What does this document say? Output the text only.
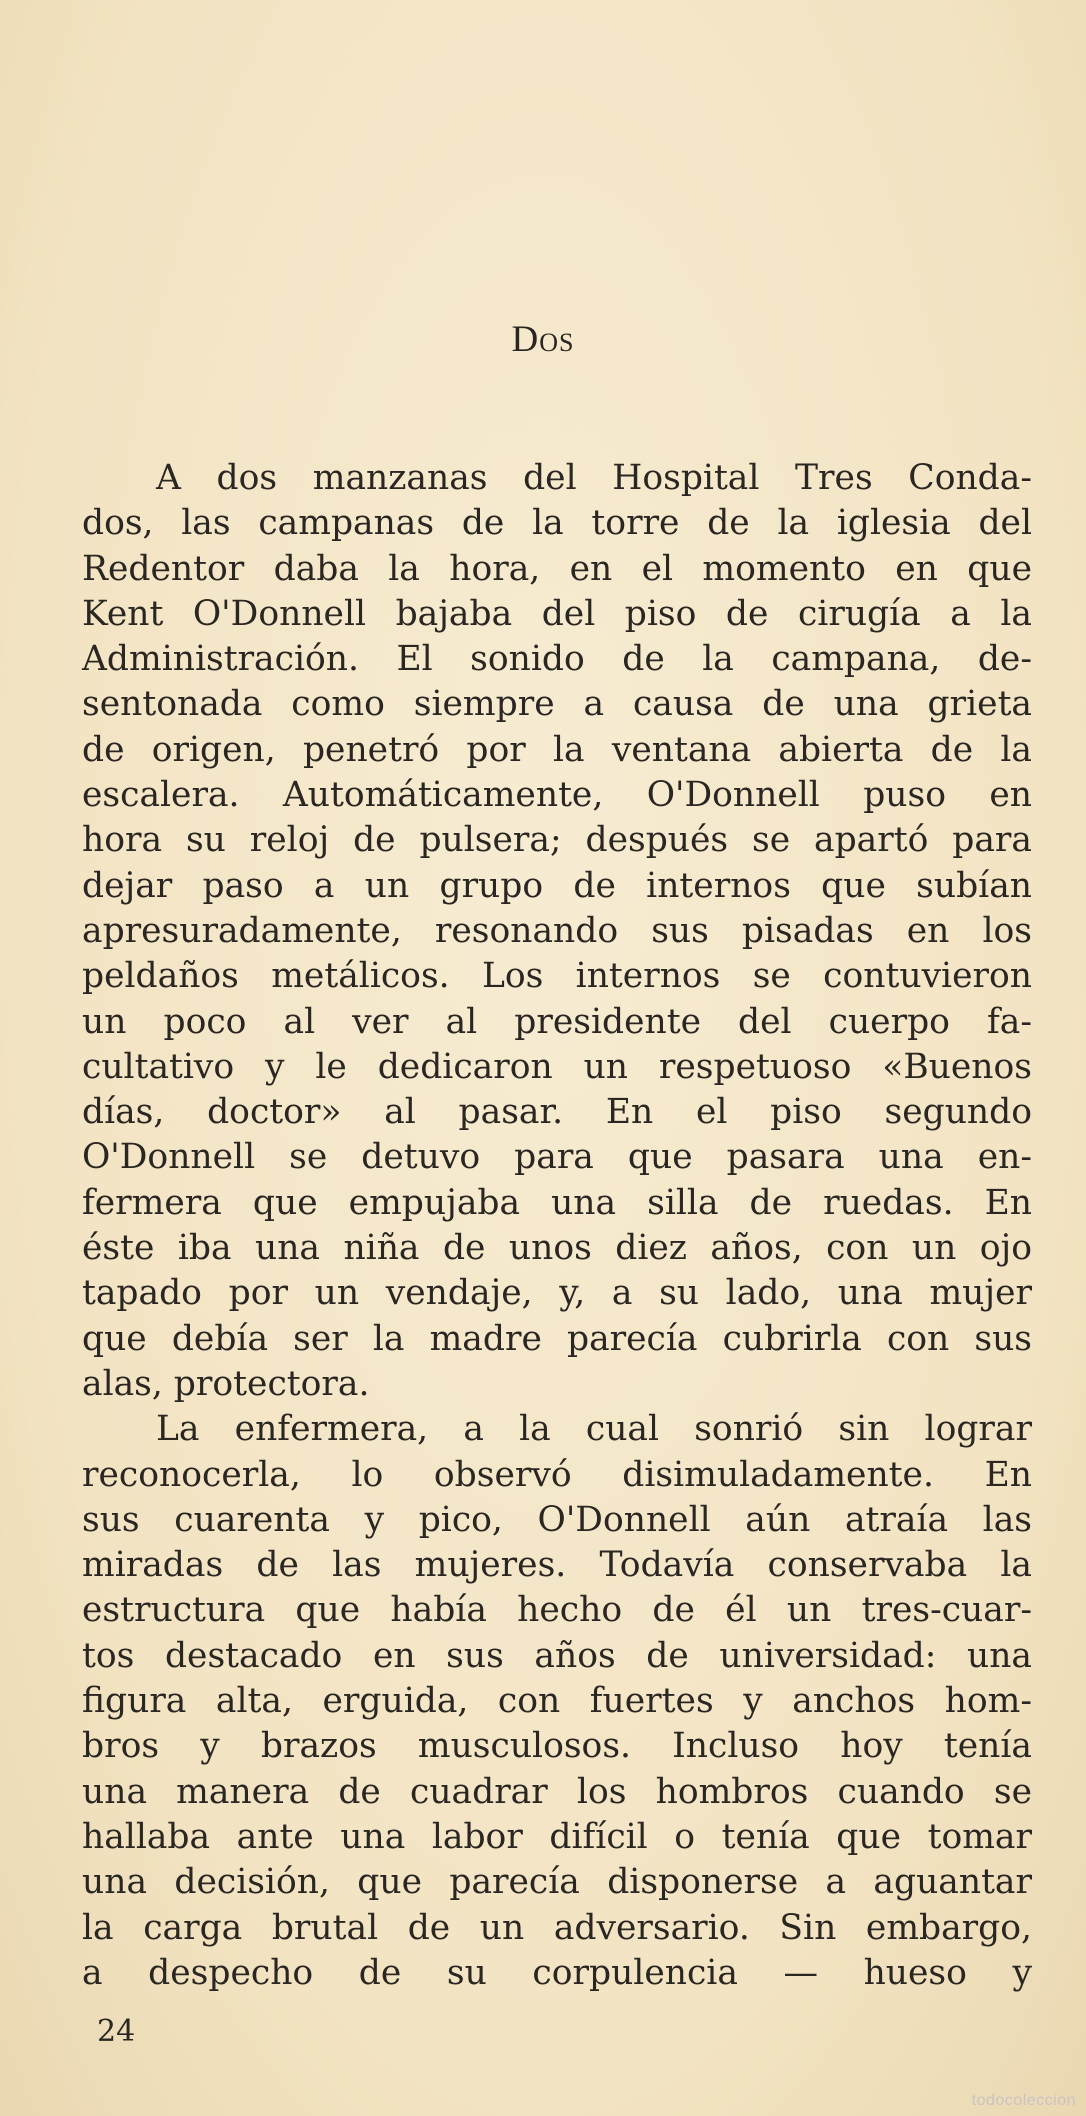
Dos
A dos manzanas del Hospital Tres Conda-
dos, las campanas de la torre de la iglesia del
Redentor daba la hora, en el momento en que
Kent O'Donnell bajaba del piso de cirugía a la
Administración. El sonido de la campana, de-
sentonada como siempre a causa de una grieta
de origen, penetró por la ventana abierta de la
escalera. Automáticamente, O'Donnell puso en
hora su reloj de pulsera; después se apartó para
dejar paso a un grupo de internos que subían
apresuradamente, resonando sus pisadas en los
peldaños metálicos. Los internos se contuvieron
un poco al ver al presidente del cuerpo fa-
cultativo y le dedicaron un respetuoso «Buenos
días, doctor» al pasar. En el piso segundo
O'Donnell se detuvo para que pasara una en-
fermera que empujaba una silla de ruedas. En
éste iba una niña de unos diez años, con un ojo
tapado por un vendaje, y, a su lado, una mujer
que debía ser la madre parecía cubrirla con sus
alas, protectora.
La enfermera, a la cual sonrió sin lograr
reconocerla, lo observó disimuladamente. En
sus cuarenta y pico, O'Donnell aún atraía las
miradas de las mujeres. Todavía conservaba la
estructura que había hecho de él un tres-cuar-
tos destacado en sus años de universidad: una
figura alta, erguida, con fuertes y anchos hom-
bros y brazos musculosos. Incluso hoy tenía
una manera de cuadrar los hombros cuando se
hallaba ante una labor difícil o tenía que tomar
una decisión, que parecía disponerse a aguantar
la carga brutal de un adversario. Sin embargo,
a despecho de su corpulencia — hueso y
24
todocoleccion
